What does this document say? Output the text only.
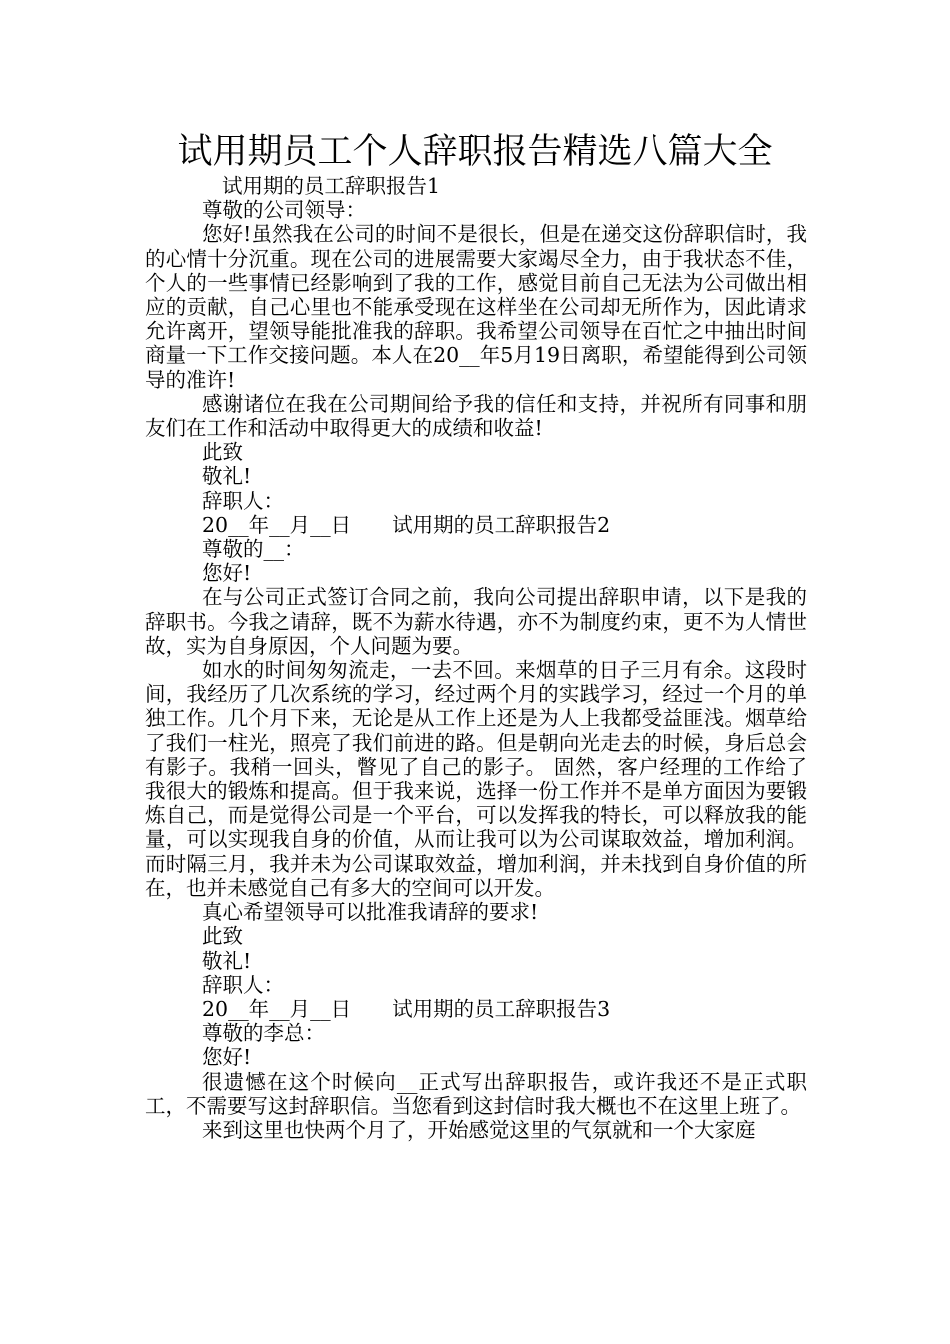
试用期员工个人辞职报告精选八篇大全

试用期的员工辞职报告1

尊敬的公司领导：

您好!虽然我在公司的时间不是很长，但是在递交这份辞职信时，我的心情十分沉重。现在公司的进展需要大家竭尽全力，由于我状态不佳，个人的一些事情已经影响到了我的工作，感觉目前自己无法为公司做出相应的贡献，自己心里也不能承受现在这样坐在公司却无所作为，因此请求允许离开，望领导能批准我的辞职。我希望公司领导在百忙之中抽出时间商量一下工作交接问题。本人在20__年5月19日离职，希望能得到公司领导的准许!

感谢诸位在我在公司期间给予我的信任和支持，并祝所有同事和朋友们在工作和活动中取得更大的成绩和收益!

此致

敬礼!

辞职人：

20__年__月__日　　试用期的员工辞职报告2

尊敬的__：

您好!

在与公司正式签订合同之前，我向公司提出辞职申请，以下是我的辞职书。今我之请辞，既不为薪水待遇，亦不为制度约束，更不为人情世故，实为自身原因，个人问题为要。

如水的时间匆匆流走，一去不回。来烟草的日子三月有余。这段时间，我经历了几次系统的学习，经过两个月的实践学习，经过一个月的单独工作。几个月下来，无论是从工作上还是为人上我都受益匪浅。烟草给了我们一柱光，照亮了我们前进的路。但是朝向光走去的时候，身后总会有影子。我稍一回头，瞥见了自己的影子。 固然，客户经理的工作给了我很大的锻炼和提高。但于我来说，选择一份工作并不是单方面因为要锻炼自己，而是觉得公司是一个平台，可以发挥我的特长，可以释放我的能量，可以实现我自身的价值，从而让我可以为公司谋取效益，增加利润。而时隔三月，我并未为公司谋取效益，增加利润，并未找到自身价值的所在，也并未感觉自己有多大的空间可以开发。

真心希望领导可以批准我请辞的要求!

此致

敬礼!

辞职人：

20__年__月__日　　试用期的员工辞职报告3

尊敬的李总：

您好!

很遗憾在这个时候向__正式写出辞职报告，或许我还不是正式职工，不需要写这封辞职信。当您看到这封信时我大概也不在这里上班了。

来到这里也快两个月了，开始感觉这里的气氛就和一个大家庭
